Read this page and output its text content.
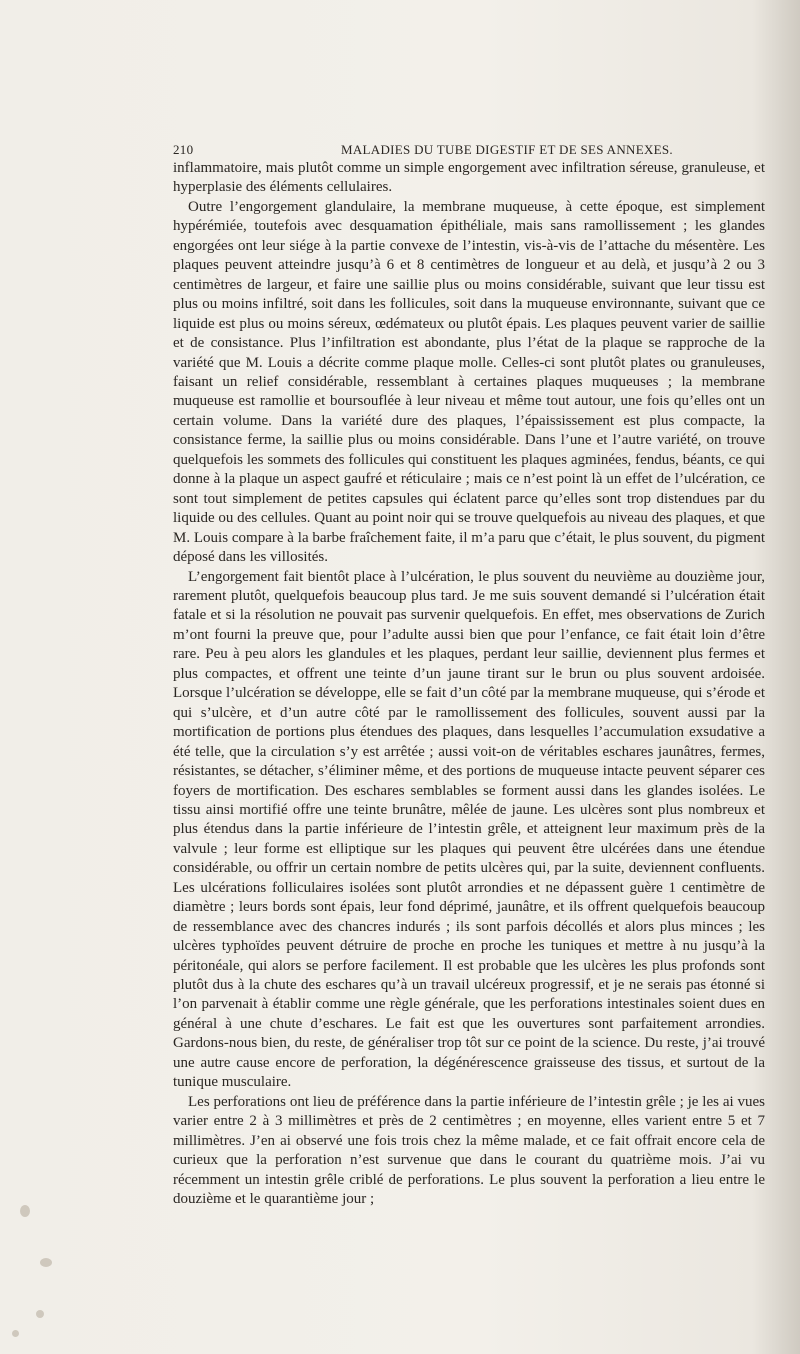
210	MALADIES DU TUBE DIGESTIF ET DE SES ANNEXES.

inflammatoire, mais plutôt comme un simple engorgement avec infiltration séreuse, granuleuse, et hyperplasie des éléments cellulaires.

Outre l’engorgement glandulaire, la membrane muqueuse, à cette époque, est simplement hypérémiée, toutefois avec desquamation épithéliale, mais sans ramollissement ; les glandes engorgées ont leur siége à la partie convexe de l’intestin, vis-à-vis de l’attache du mésentère. Les plaques peuvent atteindre jusqu’à 6 et 8 centimètres de longueur et au delà, et jusqu’à 2 ou 3 centimètres de largeur, et faire une saillie plus ou moins considérable, suivant que leur tissu est plus ou moins infiltré, soit dans les follicules, soit dans la muqueuse environnante, suivant que ce liquide est plus ou moins séreux, œdémateux ou plutôt épais. Les plaques peuvent varier de saillie et de consistance. Plus l’infiltration est abondante, plus l’état de la plaque se rapproche de la variété que M. Louis a décrite comme plaque molle. Celles-ci sont plutôt plates ou granuleuses, faisant un relief considérable, ressemblant à certaines plaques muqueuses ; la membrane muqueuse est ramollie et boursouflée à leur niveau et même tout autour, une fois qu’elles ont un certain volume. Dans la variété dure des plaques, l’épaississement est plus compacte, la consistance ferme, la saillie plus ou moins considérable. Dans l’une et l’autre variété, on trouve quelquefois les sommets des follicules qui constituent les plaques agminées, fendus, béants, ce qui donne à la plaque un aspect gaufré et réticulaire ; mais ce n’est point là un effet de l’ulcération, ce sont tout simplement de petites capsules qui éclatent parce qu’elles sont trop distendues par du liquide ou des cellules. Quant au point noir qui se trouve quelquefois au niveau des plaques, et que M. Louis compare à la barbe fraîchement faite, il m’a paru que c’était, le plus souvent, du pigment déposé dans les villosités.

L’engorgement fait bientôt place à l’ulcération, le plus souvent du neuvième au douzième jour, rarement plutôt, quelquefois beaucoup plus tard. Je me suis souvent demandé si l’ulcération était fatale et si la résolution ne pouvait pas survenir quelquefois. En effet, mes observations de Zurich m’ont fourni la preuve que, pour l’adulte aussi bien que pour l’enfance, ce fait était loin d’être rare. Peu à peu alors les glandules et les plaques, perdant leur saillie, deviennent plus fermes et plus compactes, et offrent une teinte d’un jaune tirant sur le brun ou plus souvent ardoisée. Lorsque l’ulcération se développe, elle se fait d’un côté par la membrane muqueuse, qui s’érode et qui s’ulcère, et d’un autre côté par le ramollissement des follicules, souvent aussi par la mortification de portions plus étendues des plaques, dans lesquelles l’accumulation exsudative a été telle, que la circulation s’y est arrêtée ; aussi voit-on de véritables eschares jaunâtres, fermes, résistantes, se détacher, s’éliminer même, et des portions de muqueuse intacte peuvent séparer ces foyers de mortification. Des eschares semblables se forment aussi dans les glandes isolées. Le tissu ainsi mortifié offre une teinte brunâtre, mêlée de jaune. Les ulcères sont plus nombreux et plus étendus dans la partie inférieure de l’intestin grêle, et atteignent leur maximum près de la valvule ; leur forme est elliptique sur les plaques qui peuvent être ulcérées dans une étendue considérable, ou offrir un certain nombre de petits ulcères qui, par la suite, deviennent confluents. Les ulcérations folliculaires isolées sont plutôt arrondies et ne dépassent guère 1 centimètre de diamètre ; leurs bords sont épais, leur fond déprimé, jaunâtre, et ils offrent quelquefois beaucoup de ressemblance avec des chancres indurés ; ils sont parfois décollés et alors plus minces ; les ulcères typhoïdes peuvent détruire de proche en proche les tuniques et mettre à nu jusqu’à la péritonéale, qui alors se perfore facilement. Il est probable que les ulcères les plus profonds sont plutôt dus à la chute des eschares qu’à un travail ulcéreux progressif, et je ne serais pas étonné si l’on parvenait à établir comme une règle générale, que les perforations intestinales soient dues en général à une chute d’eschares. Le fait est que les ouvertures sont parfaitement arrondies. Gardons-nous bien, du reste, de généraliser trop tôt sur ce point de la science. Du reste, j’ai trouvé une autre cause encore de perforation, la dégénérescence graisseuse des tissus, et surtout de la tunique musculaire.

Les perforations ont lieu de préférence dans la partie inférieure de l’intestin grêle ; je les ai vues varier entre 2 à 3 millimètres et près de 2 centimètres ; en moyenne, elles varient entre 5 et 7 millimètres. J’en ai observé une fois trois chez la même malade, et ce fait offrait encore cela de curieux que la perforation n’est survenue que dans le courant du quatrième mois. J’ai vu récemment un intestin grêle criblé de perforations. Le plus souvent la perforation a lieu entre le douzième et le quarantième jour ;
